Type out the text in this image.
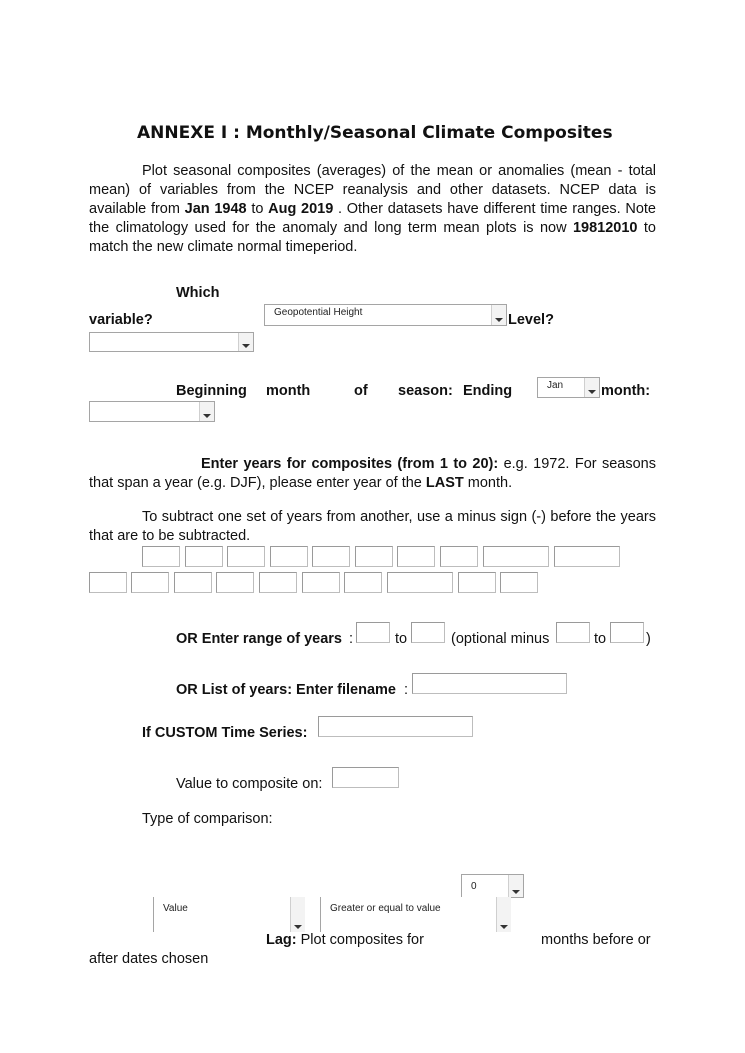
ANNEXE I : Monthly/Seasonal Climate Composites
Plot seasonal composites (averages) of the mean or anomalies (mean - total mean) of variables from the NCEP reanalysis and other datasets. NCEP data is available from Jan 1948 to Aug 2019 . Other datasets have different time ranges. Note the climatology used for the anomaly and long term mean plots is now 19812010 to match the new climate normal timeperiod.
Which
variable?	Geopotential Height	Level?
Beginning month	of season: Ending	Jan	month:
Enter years for composites (from 1 to 20): e.g. 1972. For seasons that span a year (e.g. DJF), please enter year of the LAST month.
To subtract one set of years from another, use a minus sign (-) before the years that are to be subtracted.
OR Enter range of years :	to	(optional minus	to	)
OR List of years: Enter filename :
If CUSTOM Time Series:
Value to composite on:
Type of comparison:
0
Value	Greater or equal to value
Lag: Plot composites for	months before or
after dates chosen
